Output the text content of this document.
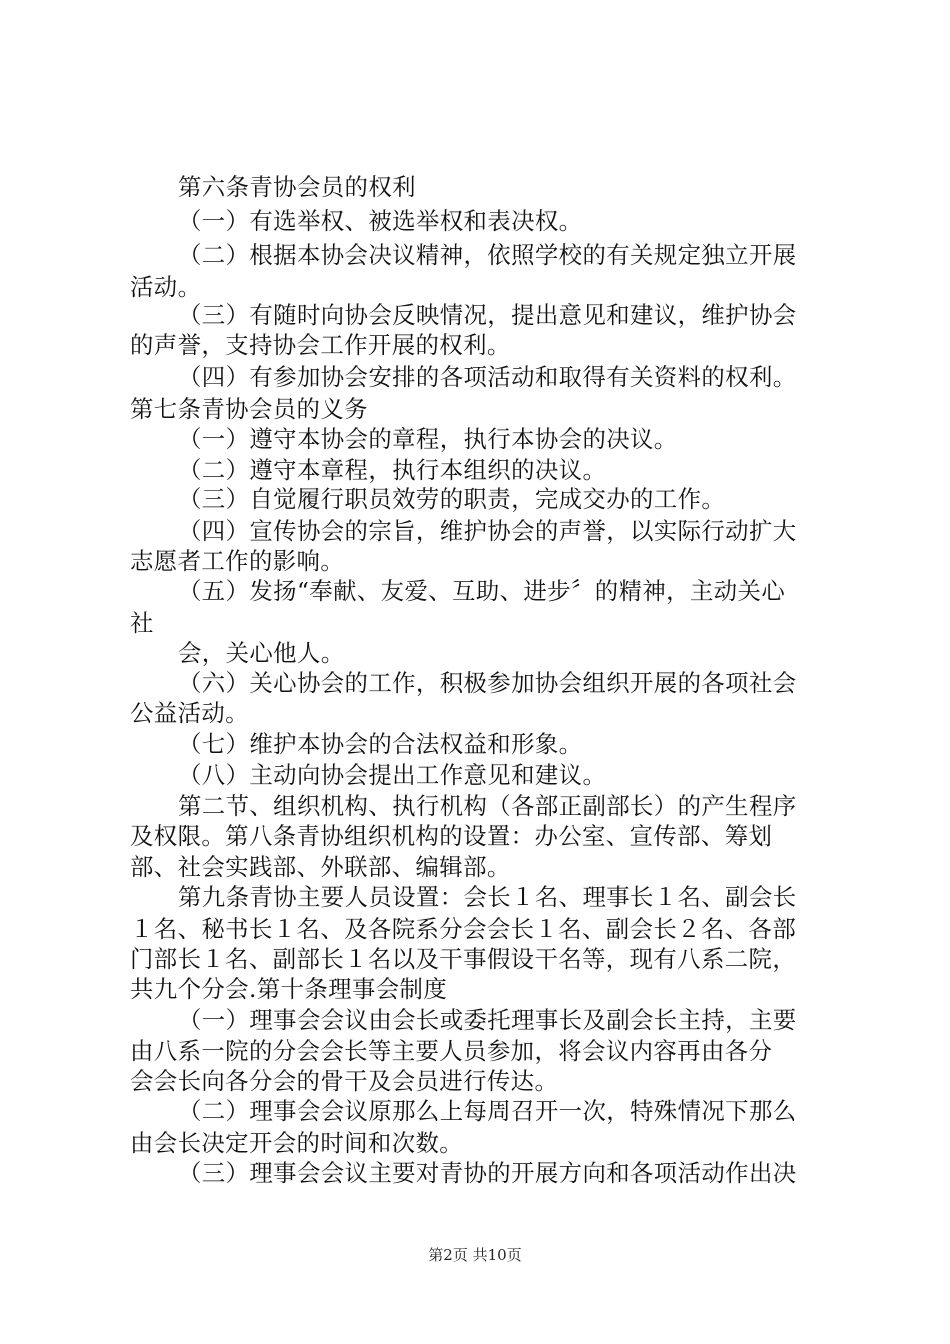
第六条青协会员的权利
（一）有选举权、被选举权和表决权。
（二）根据本协会决议精神，依照学校的有关规定独立开展
活动。
（三）有随时向协会反映情况，提出意见和建议，维护协会
的声誉，支持协会工作开展的权利。
（四）有参加协会安排的各项活动和取得有关资料的权利。
第七条青协会员的义务
（一）遵守本协会的章程，执行本协会的决议。
（二）遵守本章程，执行本组织的决议。
（三）自觉履行职员效劳的职责，完成交办的工作。
（四）宣传协会的宗旨，维护协会的声誉，以实际行动扩大
志愿者工作的影响。
（五）发扬“奉献、友爱、互助、进步〞的精神，主动关心
社
会，关心他人。
（六）关心协会的工作，积极参加协会组织开展的各项社会
公益活动。
（七）维护本协会的合法权益和形象。
（八）主动向协会提出工作意见和建议。
第二节、组织机构、执行机构（各部正副部长）的产生程序
及权限。第八条青协组织机构的设置：办公室、宣传部、筹划
部、社会实践部、外联部、编辑部。
第九条青协主要人员设置：会长１名、理事长１名、副会长
１名、秘书长１名、及各院系分会会长１名、副会长２名、各部
门部长１名、副部长１名以及干事假设干名等，现有八系二院，
共九个分会.第十条理事会制度
（一）理事会会议由会长或委托理事长及副会长主持，主要
由八系一院的分会会长等主要人员参加，将会议内容再由各分
会会长向各分会的骨干及会员进行传达。
（二）理事会会议原那么上每周召开一次，特殊情况下那么
由会长决定开会的时间和次数。
（三）理事会会议主要对青协的开展方向和各项活动作出决
第2页 共10页
